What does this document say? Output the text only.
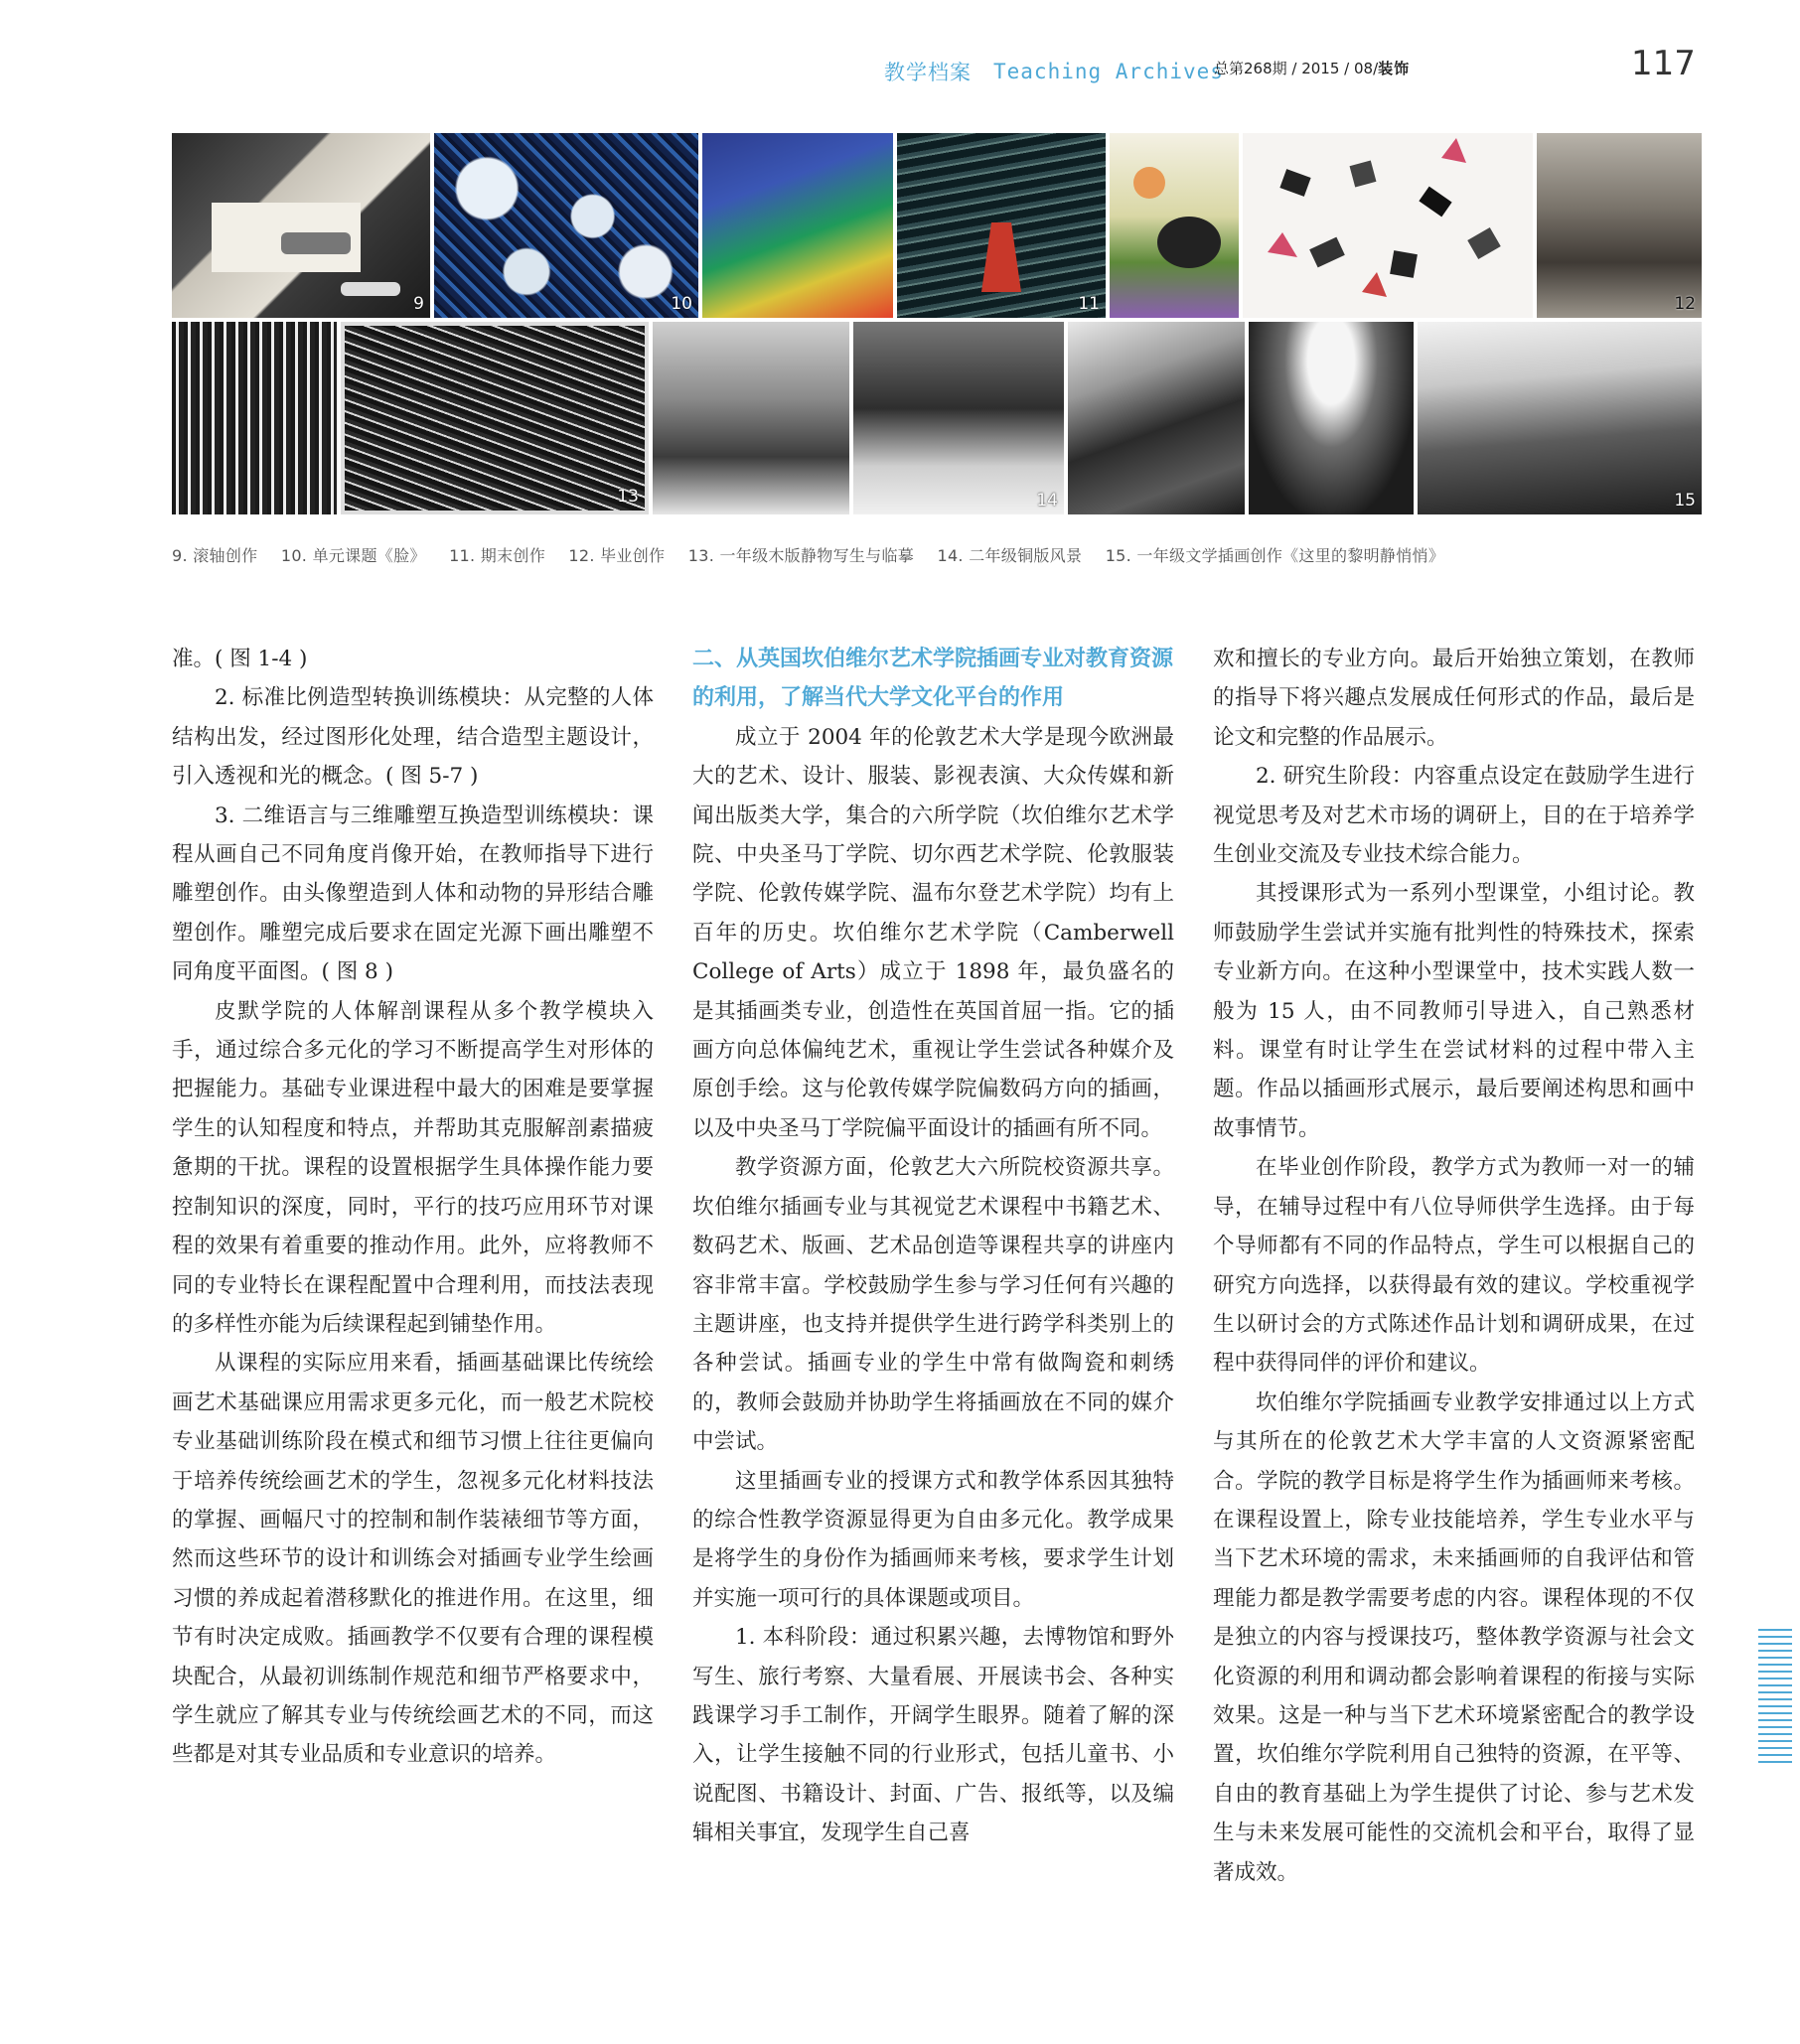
教学档案 Teaching Archives
总第268期 / 2015 / 08/装饰	117
9	10	11	12
13	14	15
9. 滚轴创作 10. 单元课题《脸》 11. 期末创作 12. 毕业创作 13. 一年级木版静物写生与临摹 14. 二年级铜版风景 15. 一年级文学插画创作《这里的黎明静悄悄》

准。( 图 1-4 )

2. 标准比例造型转换训练模块：从完整的人体结构出发，经过图形化处理，结合造型主题设计，引入透视和光的概念。( 图 5-7 )

3. 二维语言与三维雕塑互换造型训练模块：课程从画自己不同角度肖像开始，在教师指导下进行雕塑创作。由头像塑造到人体和动物的异形结合雕塑创作。雕塑完成后要求在固定光源下画出雕塑不同角度平面图。( 图 8 )

皮默学院的人体解剖课程从多个教学模块入手，通过综合多元化的学习不断提高学生对形体的把握能力。基础专业课进程中最大的困难是要掌握学生的认知程度和特点，并帮助其克服解剖素描疲惫期的干扰。课程的设置根据学生具体操作能力要控制知识的深度，同时，平行的技巧应用环节对课程的效果有着重要的推动作用。此外，应将教师不同的专业特长在课程配置中合理利用，而技法表现的多样性亦能为后续课程起到铺垫作用。

从课程的实际应用来看，插画基础课比传统绘画艺术基础课应用需求更多元化，而一般艺术院校专业基础训练阶段在模式和细节习惯上往往更偏向于培养传统绘画艺术的学生，忽视多元化材料技法的掌握、画幅尺寸的控制和制作装裱细节等方面，然而这些环节的设计和训练会对插画专业学生绘画习惯的养成起着潜移默化的推进作用。在这里，细节有时决定成败。插画教学不仅要有合理的课程模块配合，从最初训练制作规范和细节严格要求中，学生就应了解其专业与传统绘画艺术的不同，而这些都是对其专业品质和专业意识的培养。

二、从英国坎伯维尔艺术学院插画专业对教育资源的利用，了解当代大学文化平台的作用

成立于 2004 年的伦敦艺术大学是现今欧洲最大的艺术、设计、服装、影视表演、大众传媒和新闻出版类大学，集合的六所学院（坎伯维尔艺术学院、中央圣马丁学院、切尔西艺术学院、伦敦服装学院、伦敦传媒学院、温布尔登艺术学院）均有上百年的历史。坎伯维尔艺术学院（Camberwell College of Arts）成立于 1898 年，最负盛名的是其插画类专业，创造性在英国首屈一指。它的插画方向总体偏纯艺术，重视让学生尝试各种媒介及原创手绘。这与伦敦传媒学院偏数码方向的插画，以及中央圣马丁学院偏平面设计的插画有所不同。

教学资源方面，伦敦艺大六所院校资源共享。坎伯维尔插画专业与其视觉艺术课程中书籍艺术、数码艺术、版画、艺术品创造等课程共享的讲座内容非常丰富。学校鼓励学生参与学习任何有兴趣的主题讲座，也支持并提供学生进行跨学科类别上的各种尝试。插画专业的学生中常有做陶瓷和刺绣的，教师会鼓励并协助学生将插画放在不同的媒介中尝试。

这里插画专业的授课方式和教学体系因其独特的综合性教学资源显得更为自由多元化。教学成果是将学生的身份作为插画师来考核，要求学生计划并实施一项可行的具体课题或项目。

1. 本科阶段：通过积累兴趣，去博物馆和野外写生、旅行考察、大量看展、开展读书会、各种实践课学习手工制作，开阔学生眼界。随着了解的深入，让学生接触不同的行业形式，包括儿童书、小说配图、书籍设计、封面、广告、报纸等，以及编辑相关事宜，发现学生自己喜

欢和擅长的专业方向。最后开始独立策划，在教师的指导下将兴趣点发展成任何形式的作品，最后是论文和完整的作品展示。

2. 研究生阶段：内容重点设定在鼓励学生进行视觉思考及对艺术市场的调研上，目的在于培养学生创业交流及专业技术综合能力。

其授课形式为一系列小型课堂，小组讨论。教师鼓励学生尝试并实施有批判性的特殊技术，探索专业新方向。在这种小型课堂中，技术实践人数一般为 15 人，由不同教师引导进入，自己熟悉材料。课堂有时让学生在尝试材料的过程中带入主题。作品以插画形式展示，最后要阐述构思和画中故事情节。

在毕业创作阶段，教学方式为教师一对一的辅导，在辅导过程中有八位导师供学生选择。由于每个导师都有不同的作品特点，学生可以根据自己的研究方向选择，以获得最有效的建议。学校重视学生以研讨会的方式陈述作品计划和调研成果，在过程中获得同伴的评价和建议。

坎伯维尔学院插画专业教学安排通过以上方式与其所在的伦敦艺术大学丰富的人文资源紧密配合。学院的教学目标是将学生作为插画师来考核。在课程设置上，除专业技能培养，学生专业水平与当下艺术环境的需求，未来插画师的自我评估和管理能力都是教学需要考虑的内容。课程体现的不仅是独立的内容与授课技巧，整体教学资源与社会文化资源的利用和调动都会影响着课程的衔接与实际效果。这是一种与当下艺术环境紧密配合的教学设置，坎伯维尔学院利用自己独特的资源，在平等、自由的教育基础上为学生提供了讨论、参与艺术发生与未来发展可能性的交流机会和平台，取得了显著成效。
